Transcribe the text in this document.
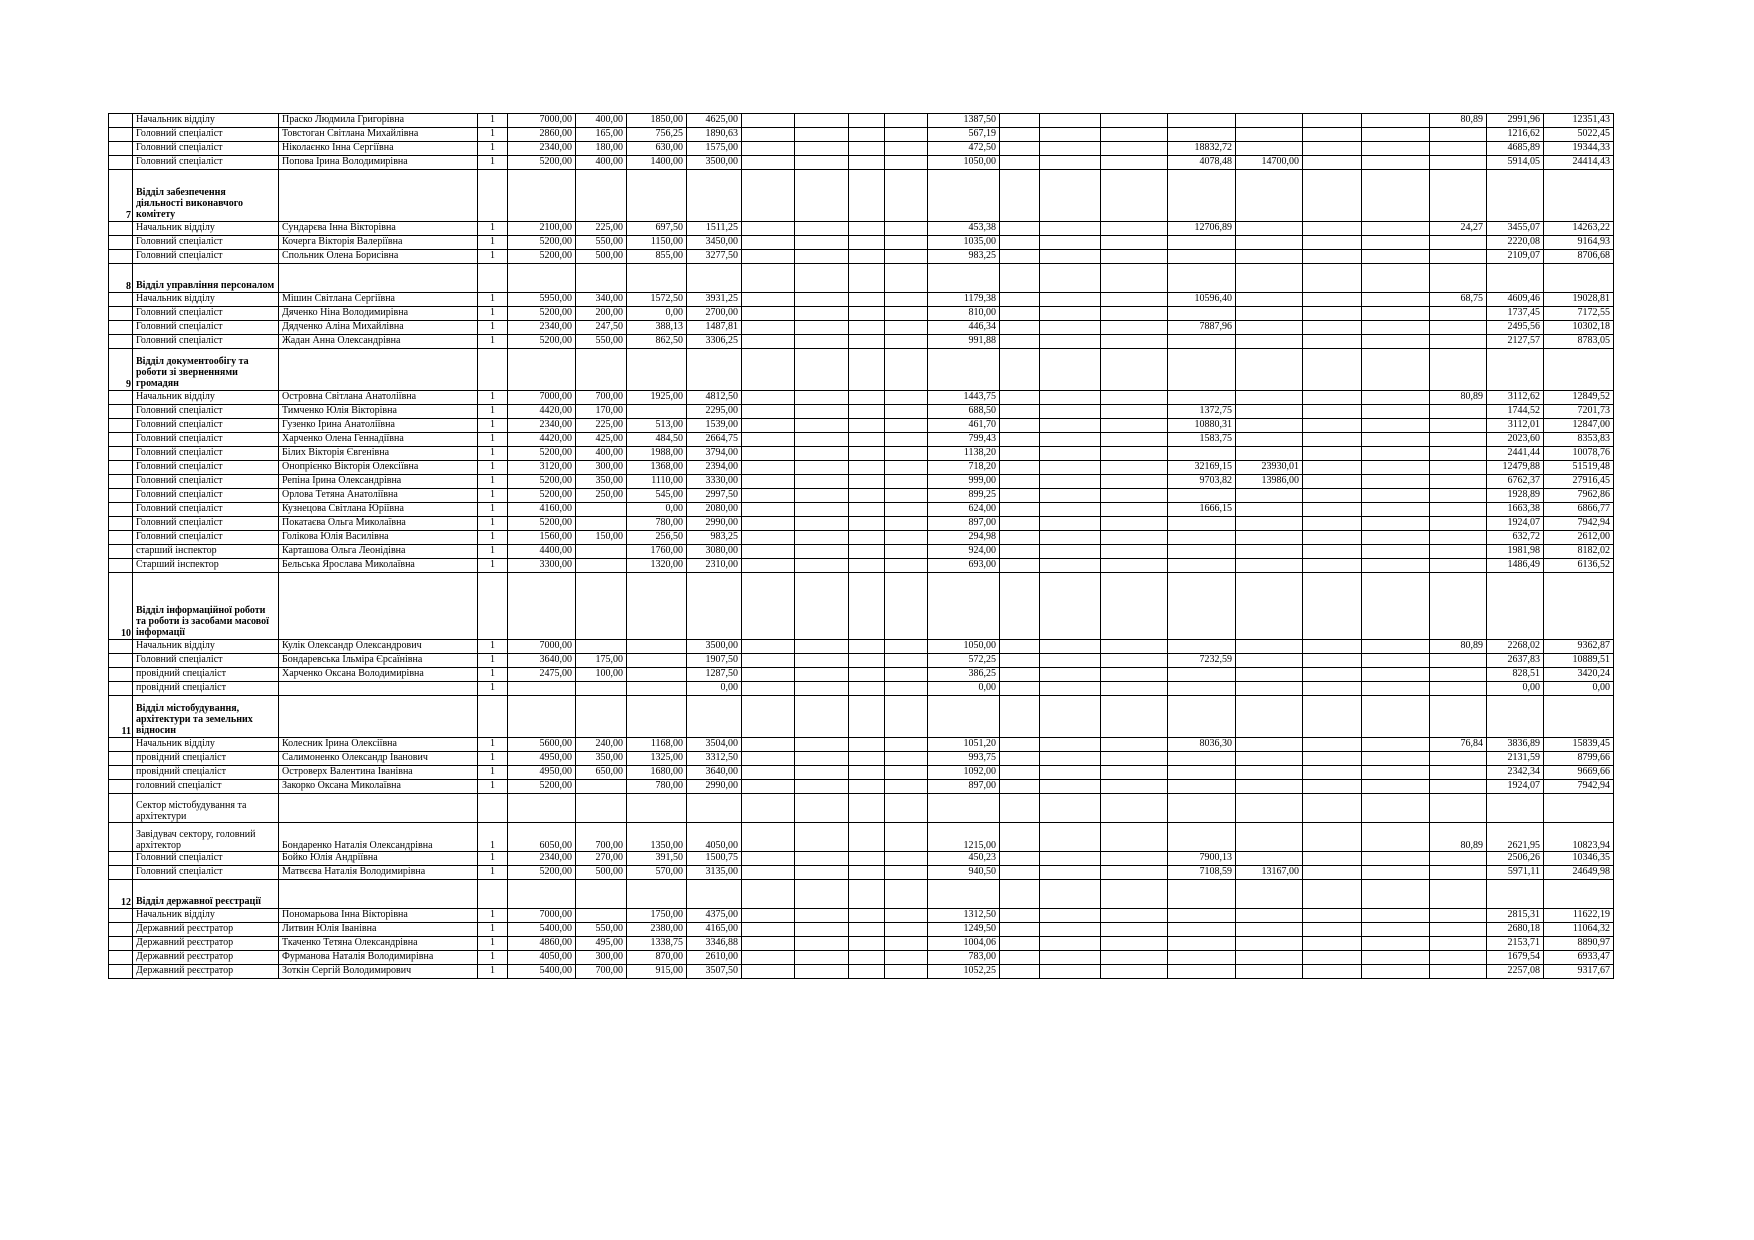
	Начальник відділу	Праско Людмила Григорівна	1	7000,00	400,00	1850,00	4625,00					1387,50								80,89	2991,96	12351,43
	Головний спеціаліст	Товстоган Світлана Михайлівна	1	2860,00	165,00	756,25	1890,63					567,19									1216,62	5022,45
	Головний спеціаліст	Ніколаєнко Інна Сергіївна	1	2340,00	180,00	630,00	1575,00					472,50				18832,72					4685,89	19344,33
	Головний спеціаліст	Попова Ірина Володимирівна	1	5200,00	400,00	1400,00	3500,00					1050,00				4078,48	14700,00				5914,05	24414,43
7	Відділ забезпечення діяльності виконавчого комітету																					
	Начальник відділу	Сундарєва Інна Вікторівна	1	2100,00	225,00	697,50	1511,25					453,38				12706,89				24,27	3455,07	14263,22
	Головний спеціаліст	Кочерга Вікторія Валеріївна	1	5200,00	550,00	1150,00	3450,00					1035,00									2220,08	9164,93
	Головний спеціаліст	Спольник Олена Борисівна	1	5200,00	500,00	855,00	3277,50					983,25									2109,07	8706,68
8	Відділ управління персоналом																					
	Начальник відділу	Мішин Світлана Сергіївна	1	5950,00	340,00	1572,50	3931,25					1179,38				10596,40				68,75	4609,46	19028,81
	Головний спеціаліст	Дяченко Ніна Володимирівна	1	5200,00	200,00	0,00	2700,00					810,00									1737,45	7172,55
	Головний спеціаліст	Дядченко Аліна Михайлівна	1	2340,00	247,50	388,13	1487,81					446,34				7887,96					2495,56	10302,18
	Головний спеціаліст	Жадан Анна Олександрівна	1	5200,00	550,00	862,50	3306,25					991,88									2127,57	8783,05
9	Відділ документообігу та роботи зі зверненнями громадян																					
	Начальник відділу	Островна Світлана Анатоліївна	1	7000,00	700,00	1925,00	4812,50					1443,75								80,89	3112,62	12849,52
	Головний спеціаліст	Тимченко Юлія Вікторівна	1	4420,00	170,00		2295,00					688,50				1372,75					1744,52	7201,73
	Головний спеціаліст	Гузенко Ірина Анатоліївна	1	2340,00	225,00	513,00	1539,00					461,70				10880,31					3112,01	12847,00
	Головний спеціаліст	Харченко Олена Геннадіївна	1	4420,00	425,00	484,50	2664,75					799,43				1583,75					2023,60	8353,83
	Головний спеціаліст	Білих Вікторія Євгенівна	1	5200,00	400,00	1988,00	3794,00					1138,20									2441,44	10078,76
	Головний спеціаліст	Онопрієнко Вікторія Олексіївна	1	3120,00	300,00	1368,00	2394,00					718,20				32169,15	23930,01				12479,88	51519,48
	Головний спеціаліст	Репіна Ірина Олександрівна	1	5200,00	350,00	1110,00	3330,00					999,00				9703,82	13986,00				6762,37	27916,45
	Головний спеціаліст	Орлова Тетяна Анатоліївна	1	5200,00	250,00	545,00	2997,50					899,25									1928,89	7962,86
	Головний спеціаліст	Кузнецова Світлана Юріївна	1	4160,00		0,00	2080,00					624,00				1666,15					1663,38	6866,77
	Головний спеціаліст	Покатаєва Ольга Миколаївна	1	5200,00		780,00	2990,00					897,00									1924,07	7942,94
	Головний спеціаліст	Голікова Юлія Василівна	1	1560,00	150,00	256,50	983,25					294,98									632,72	2612,00
	старший інспектор	Карташова Ольга Леонідівна	1	4400,00		1760,00	3080,00					924,00									1981,98	8182,02
	Старший інспектор	Бельська Ярослава Миколаївна	1	3300,00		1320,00	2310,00					693,00									1486,49	6136,52
10	Відділ інформаційної роботи та роботи із засобами масової інформації																					
	Начальник відділу	Кулік Олександр Олександрович	1	7000,00			3500,00					1050,00								80,89	2268,02	9362,87
	Головний спеціаліст	Бондаревська Ільміра Єрсаїнівна	1	3640,00	175,00		1907,50					572,25				7232,59					2637,83	10889,51
	провідний спеціаліст	Харченко Оксана Володимирівна	1	2475,00	100,00		1287,50					386,25									828,51	3420,24
	провідний спеціаліст		1				0,00					0,00									0,00	0,00
11	Відділ містобудування, архітектури та земельних відносин																					
	Начальник відділу	Колесник Ірина Олексіївна	1	5600,00	240,00	1168,00	3504,00					1051,20				8036,30				76,84	3836,89	15839,45
	провідний спеціаліст	Салимоненко Олександр Іванович	1	4950,00	350,00	1325,00	3312,50					993,75									2131,59	8799,66
	провідний спеціаліст	Островерх Валентина Іванівна	1	4950,00	650,00	1680,00	3640,00					1092,00									2342,34	9669,66
	головний спеціаліст	Закорко Оксана Миколаївна	1	5200,00		780,00	2990,00					897,00									1924,07	7942,94
	Сектор містобудування та архітектури																					
	Завідувач сектору, головний архітектор	Бондаренко Наталія Олександрівна	1	6050,00	700,00	1350,00	4050,00					1215,00								80,89	2621,95	10823,94
	Головний спеціаліст	Бойко Юлія Андріївна	1	2340,00	270,00	391,50	1500,75					450,23				7900,13					2506,26	10346,35
	Головний спеціаліст	Матвєєва Наталія Володимирівна	1	5200,00	500,00	570,00	3135,00					940,50				7108,59	13167,00				5971,11	24649,98
12	Відділ державної реєстрації																					
	Начальник відділу	Пономарьова Інна Вікторівна	1	7000,00		1750,00	4375,00					1312,50									2815,31	11622,19
	Державний реєстратор	Литвин Юлія Іванівна	1	5400,00	550,00	2380,00	4165,00					1249,50									2680,18	11064,32
	Державний реєстратор	Ткаченко Тетяна Олександрівна	1	4860,00	495,00	1338,75	3346,88					1004,06									2153,71	8890,97
	Державний реєстратор	Фурманова Наталія Володимирівна	1	4050,00	300,00	870,00	2610,00					783,00									1679,54	6933,47
	Державний реєстратор	Зоткін Сергій Володимирович	1	5400,00	700,00	915,00	3507,50					1052,25									2257,08	9317,67
